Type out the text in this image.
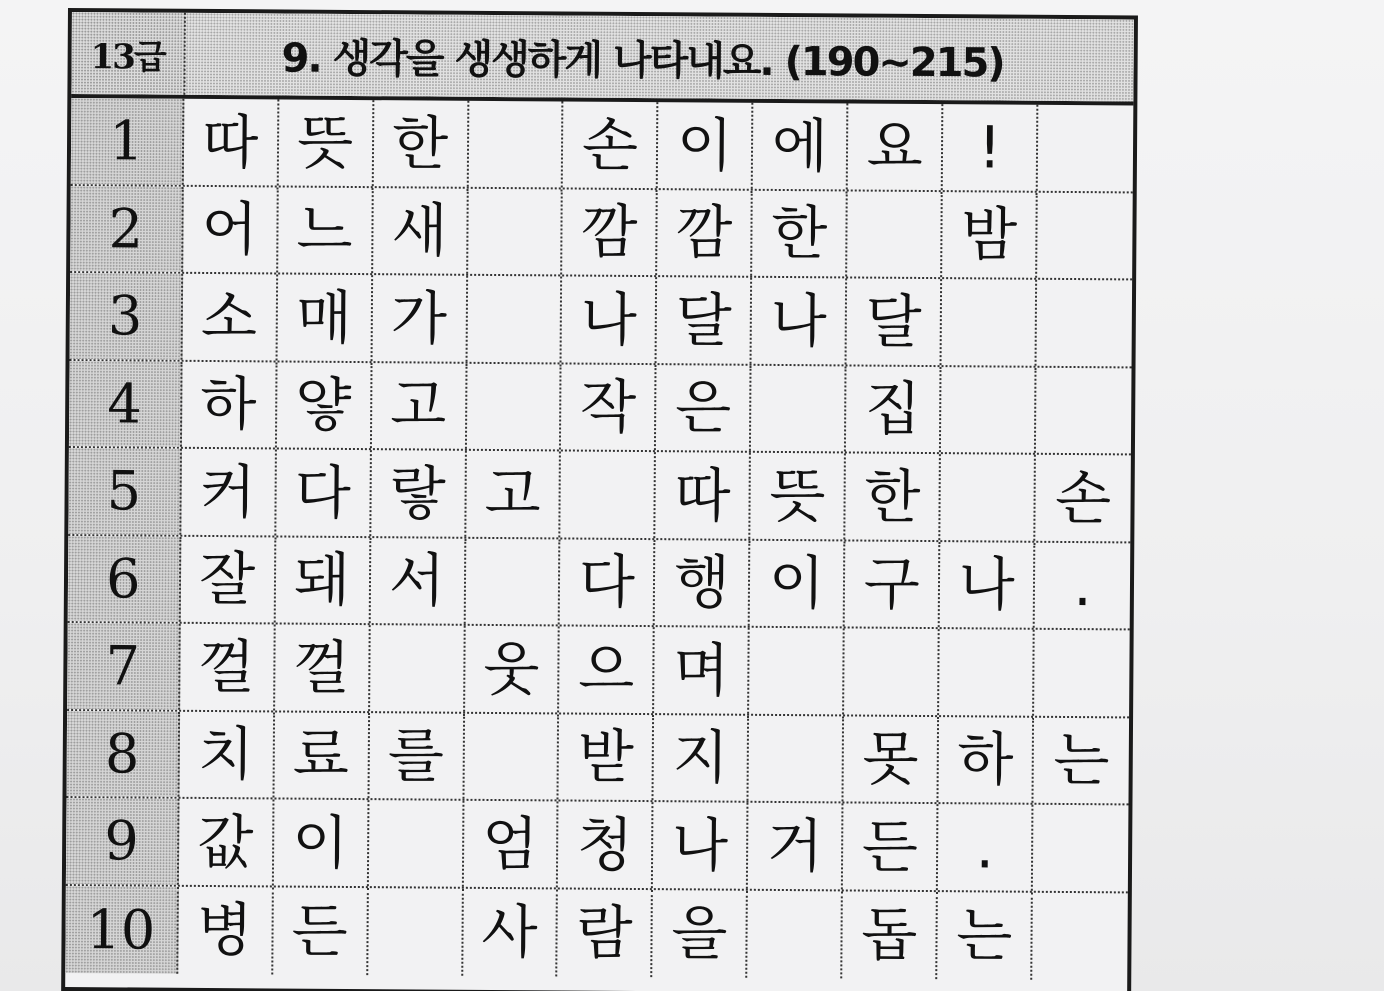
13급	9. 생각을 생생하게 나타내요. (190~215)
1	따 뜻 한	손 이 에 요 !
2	어 느 새	깜 깜 한	밤
3	소 매 가	나 달 나 달
4	하 얗 고	작 은	집
5	커 다 랗 고	따 뜻 한	손
6	잘 돼 서	다 행 이 구 나	.
7	껄 껄	웃 으 며
8	치 료 를	받 지	못 하 는
9	값 이	엄 청 나 거 든 .
10 병 든	사 람 을	돕 는
